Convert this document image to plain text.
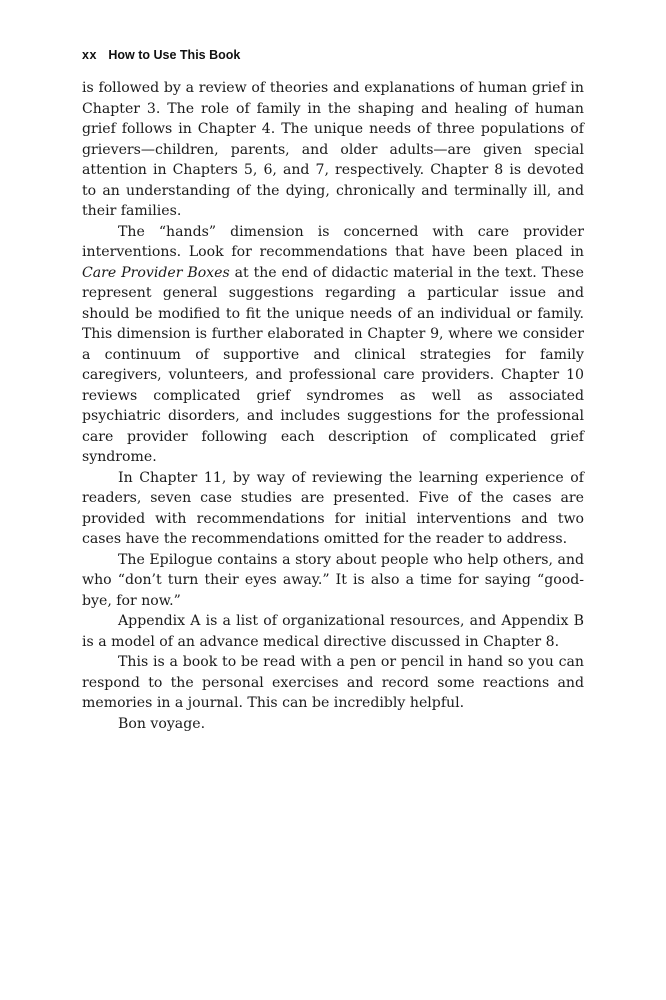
xx How to Use This Book

is followed by a review of theories and explanations of human grief in Chapter 3. The role of family in the shaping and healing of human grief follows in Chapter 4. The unique needs of three populations of grievers—children, parents, and older adults—are given special attention in Chapters 5, 6, and 7, respectively. Chapter 8 is devoted to an understanding of the dying, chronically and terminally ill, and their families.

The “hands” dimension is concerned with care provider interventions. Look for recommendations that have been placed in Care Provider Boxes at the end of didactic material in the text. These represent general suggestions regarding a particular issue and should be modified to fit the unique needs of an individual or family. This dimension is further elaborated in Chapter 9, where we consider a continuum of supportive and clinical strategies for family caregivers, volunteers, and professional care providers. Chapter 10 reviews complicated grief syndromes as well as associated psychiatric disorders, and includes suggestions for the professional care provider following each description of complicated grief syndrome.

In Chapter 11, by way of reviewing the learning experience of readers, seven case studies are presented. Five of the cases are provided with recommendations for initial interventions and two cases have the recommendations omitted for the reader to address.

The Epilogue contains a story about people who help others, and who “don’t turn their eyes away.” It is also a time for saying “good-bye, for now.”

Appendix A is a list of organizational resources, and Appendix B is a model of an advance medical directive discussed in Chapter 8.

This is a book to be read with a pen or pencil in hand so you can respond to the personal exercises and record some reactions and memories in a journal. This can be incredibly helpful.

Bon voyage.
